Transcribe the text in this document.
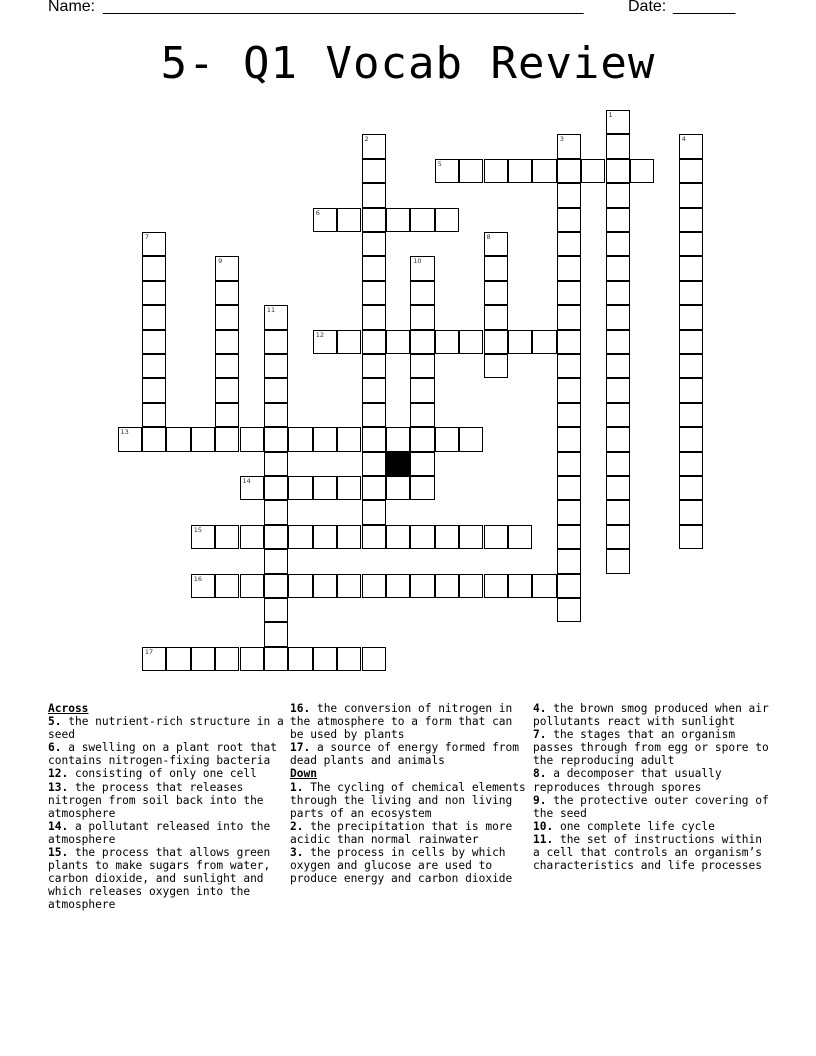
Name: ______________________________________________________	Date: _______
5- Q1 Vocab Review
1
2	3	4
5
6
7	8
9	10
11
12
13
14
15
16
17
Across
5. the nutrient-rich structure in a seed
6. a swelling on a plant root that contains nitrogen-fixing bacteria
12. consisting of only one cell
13. the process that releases nitrogen from soil back into the atmosphere
14. a pollutant released into the atmosphere
15. the process that allows green plants to make sugars from water, carbon dioxide, and sunlight and which releases oxygen into the atmosphere
16. the conversion of nitrogen in the atmosphere to a form that can be used by plants
17. a source of energy formed from dead plants and animals
Down
1. The cycling of chemical elements through the living and non living parts of an ecosystem
2. the precipitation that is more acidic than normal rainwater
3. the process in cells by which oxygen and glucose are used to produce energy and carbon dioxide
4. the brown smog produced when air pollutants react with sunlight
7. the stages that an organism passes through from egg or spore to the reproducing adult
8. a decomposer that usually reproduces through spores
9. the protective outer covering of the seed
10. one complete life cycle
11. the set of instructions within a cell that controls an organism’s characteristics and life processes
